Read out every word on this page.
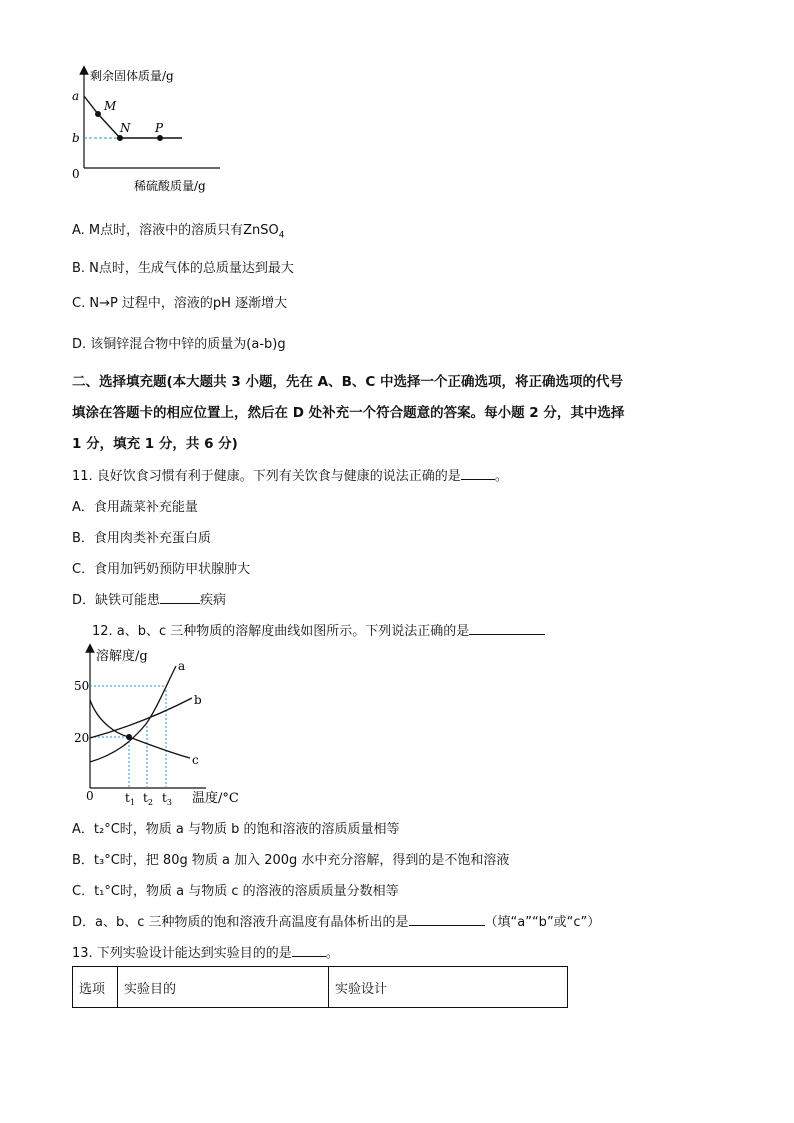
剩余固体质量/g
稀硫酸质量/g
0
a
b
M
N P
A. M点时，溶液中的溶质只有ZnSO$_4$
B. N点时，生成气体的总质量达到最大
C. N→P 过程中，溶液的pH 逐渐增大
D. 该铜锌混合物中锌的质量为(a-b)g
二、选择填充题(本大题共 3 小题，先在 A、B、C 中选择一个正确选项，将正确选项的代号
填涂在答题卡的相应位置上，然后在 D 处补充一个符合题意的答案。每小题 2 分，其中选择
1 分，填充 1 分，共 6 分)
11. 良好饮食习惯有利于健康。下列有关饮食与健康的说法正确的是	。
A．食用蔬菜补充能量
B．食用肉类补充蛋白质
C．食用加钙奶预防甲状腺肿大
D．缺铁可能患	疾病
12. a、b、c 三种物质的溶解度曲线如图所示。下列说法正确的是
溶解度/g
温度/°C
0
50
20
$t_1$ $t_2$ $t_3$
a
b
c
A．t₂°C时，物质 a 与物质 b 的饱和溶液的溶质质量相等
B．t₃°C时，把 80g 物质 a 加入 200g 水中充分溶解，得到的是不饱和溶液
C．t₁°C时，物质 a 与物质 c 的溶液的溶质质量分数相等
D．a、b、c 三种物质的饱和溶液升高温度有晶体析出的是	（填“a”“b”或“c”）
13. 下列实验设计能达到实验目的的是	。
选项	实验目的	实验设计
